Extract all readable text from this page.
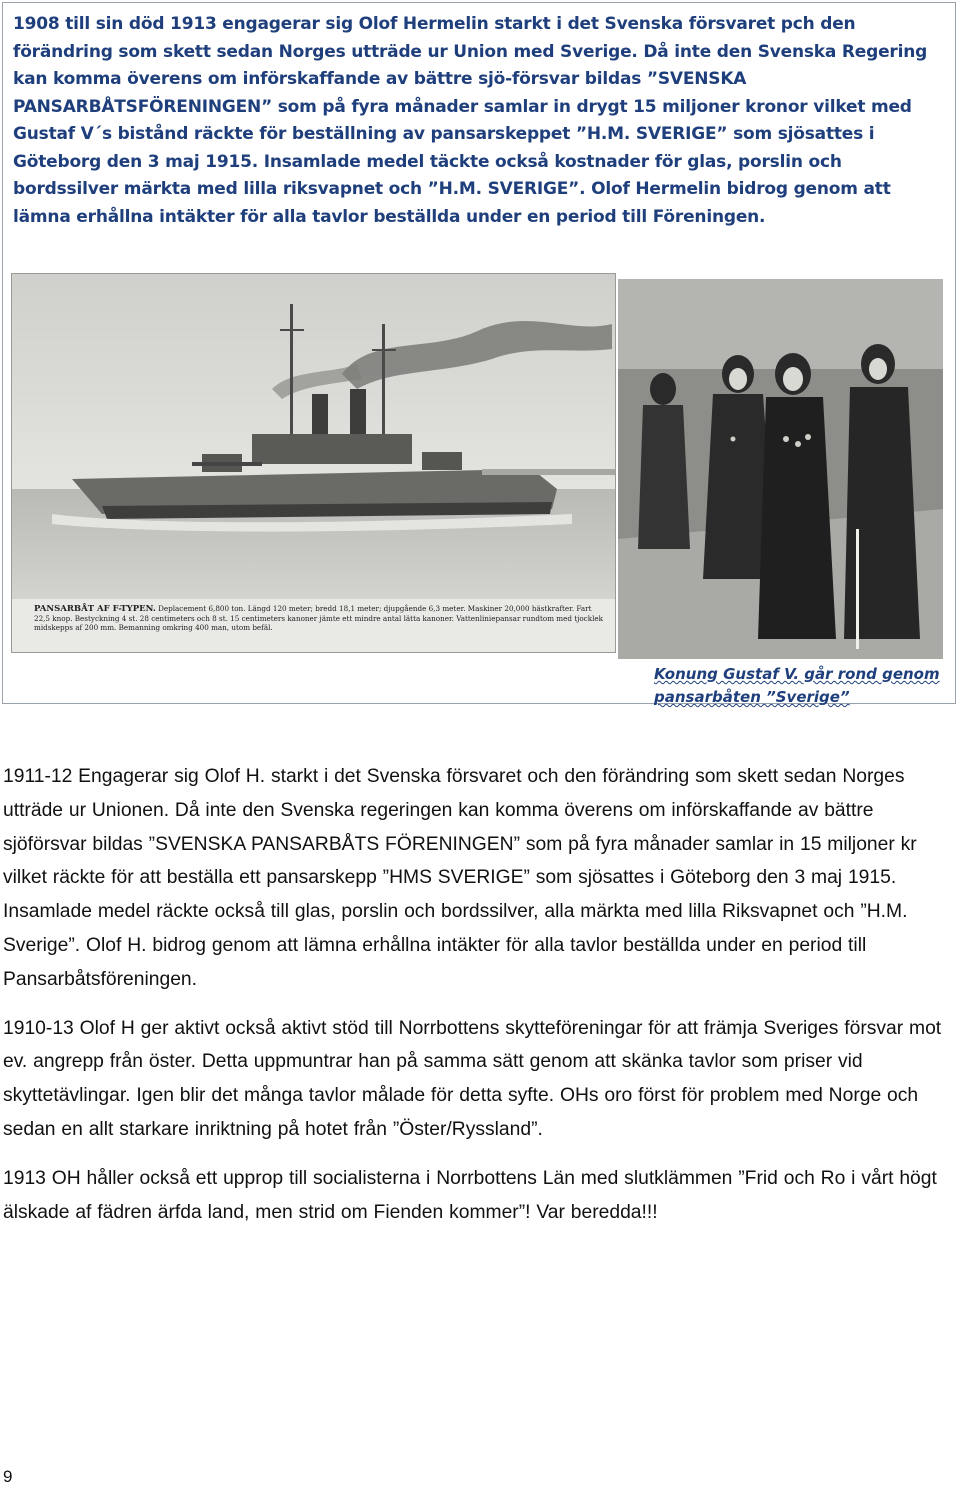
1908 till sin död 1913 engagerar sig Olof Hermelin starkt i det Svenska försvaret pch den förändring som skett sedan Norges utträde ur Union med Sverige. Då inte den Svenska Regering kan komma överens om införskaffande av bättre sjö-försvar bildas ”SVENSKA PANSARBÅTSFÖRENINGEN” som på fyra månader samlar in drygt 15 miljoner kronor vilket med Gustaf V´s bistånd räckte för beställning av pansarskeppet ”H.M. SVERIGE” som sjösattes i Göteborg den 3 maj 1915. Insamlade medel täckte också kostnader för glas, porslin och bordssilver märkta med lilla riksvapnet och ”H.M. SVERIGE”. Olof Hermelin bidrog genom att lämna erhållna intäkter för alla tavlor beställda under en period till Föreningen.

PANSARBÅT AF F-TYPEN. Deplacement 6,800 ton. Längd 120 meter; bredd 18,1 meter; djupgående 6,3 meter. Maskiner 20,000 hästkrafter. Fart 22,5 knop. Bestyckning 4 st. 28 centimeters och 8 st. 15 centimeters kanoner jämte ett mindre antal lätta kanoner. Vattenliniepansar rundtom med tjocklek midskepps af 200 mm. Bemanning omkring 400 man, utom befäl.

Konung Gustaf V. går rond genom
pansarbåten ”Sverige”

1911-12 Engagerar sig Olof H. starkt i det Svenska försvaret och den förändring som skett sedan Norges utträde ur Unionen. Då inte den Svenska regeringen kan komma överens om införskaffande av bättre sjöförsvar bildas ”SVENSKA PANSARBÅTS FÖRENINGEN” som på fyra månader samlar in 15 miljoner kr vilket räckte för att beställa ett pansarskepp ”HMS SVERIGE” som sjösattes i Göteborg den 3 maj 1915. Insamlade medel räckte också till glas, porslin och bordssilver, alla märkta med lilla Riksvapnet och ”H.M. Sverige”. Olof H. bidrog genom att lämna erhållna intäkter för alla tavlor beställda under en period till Pansarbåtsföreningen.

1910-13 Olof H ger aktivt också aktivt stöd till Norrbottens skytteföreningar för att främja Sveriges försvar mot ev. angrepp från öster. Detta uppmuntrar han på samma sätt genom att skänka tavlor som priser vid skyttetävlingar. Igen blir det många tavlor målade för detta syfte. OHs oro först för problem med Norge och sedan en allt starkare inriktning på hotet från ”Öster/Ryssland”.

1913 OH håller också ett upprop till socialisterna i Norrbottens Län med slutklämmen ”Frid och Ro i vårt högt älskade af fädren ärfda land, men strid om Fienden kommer”! Var beredda!!!

9
